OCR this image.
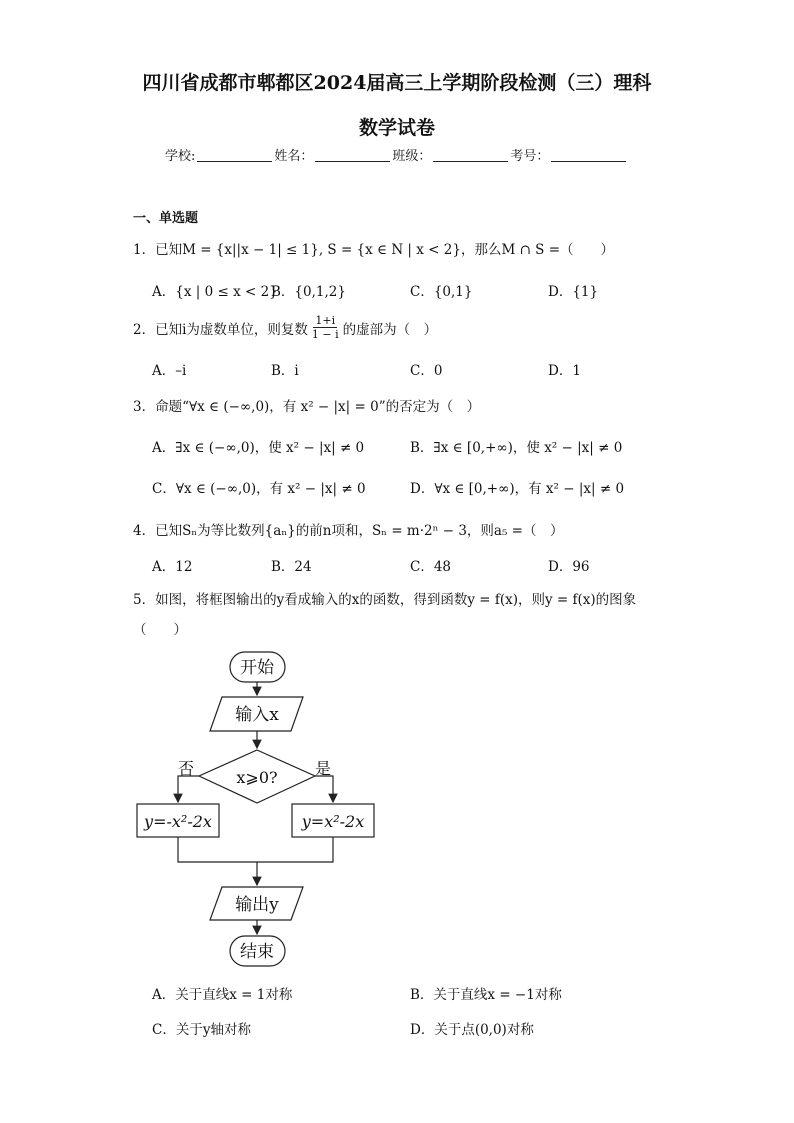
四川省成都市郫都区2024届高三上学期阶段检测（三）理科
数学试卷
学校:	姓名：	班级：	考号：
一、单选题
1．已知M = {x||x − 1| ≤ 1}, S = {x ∈ N | x < 2}，那么M ∩ S =（　　）
A．{x | 0 ≤ x < 2}
B．{0,1,2}	C．{0,1}	D．{1}
2．已知i为虚数单位，则复数 $\frac{1+i}{1 - i}$ 的虚部为（　）
A．–i	B．i	C．0	D．1
3．命题“∀x ∈ (−∞,0)，有 x² − |x| = 0”的否定为（　）
A．∃x ∈ (−∞,0)，使 x² − |x| ≠ 0	B．∃x ∈ [0,+∞)，使 x² − |x| ≠ 0
C．∀x ∈ (−∞,0)，有 x² − |x| ≠ 0	D．∀x ∈ [0,+∞)，有 x² − |x| ≠ 0
4．已知Sₙ为等比数列{aₙ}的前n项和，Sₙ = m·2ⁿ − 3，则a₅ =（　）
A．12	B．24	C．48	D．96
5．如图，将框图输出的y看成输入的x的函数，得到函数y = f(x)，则y = f(x)的图象
（　　）
开始
输入x
x⩾0?
否	是
y=-x²-2x	y=x²-2x
输出y
结束
A．关于直线x = 1对称	B．关于直线x = −1对称
C．关于y轴对称	D．关于点(0,0)对称
